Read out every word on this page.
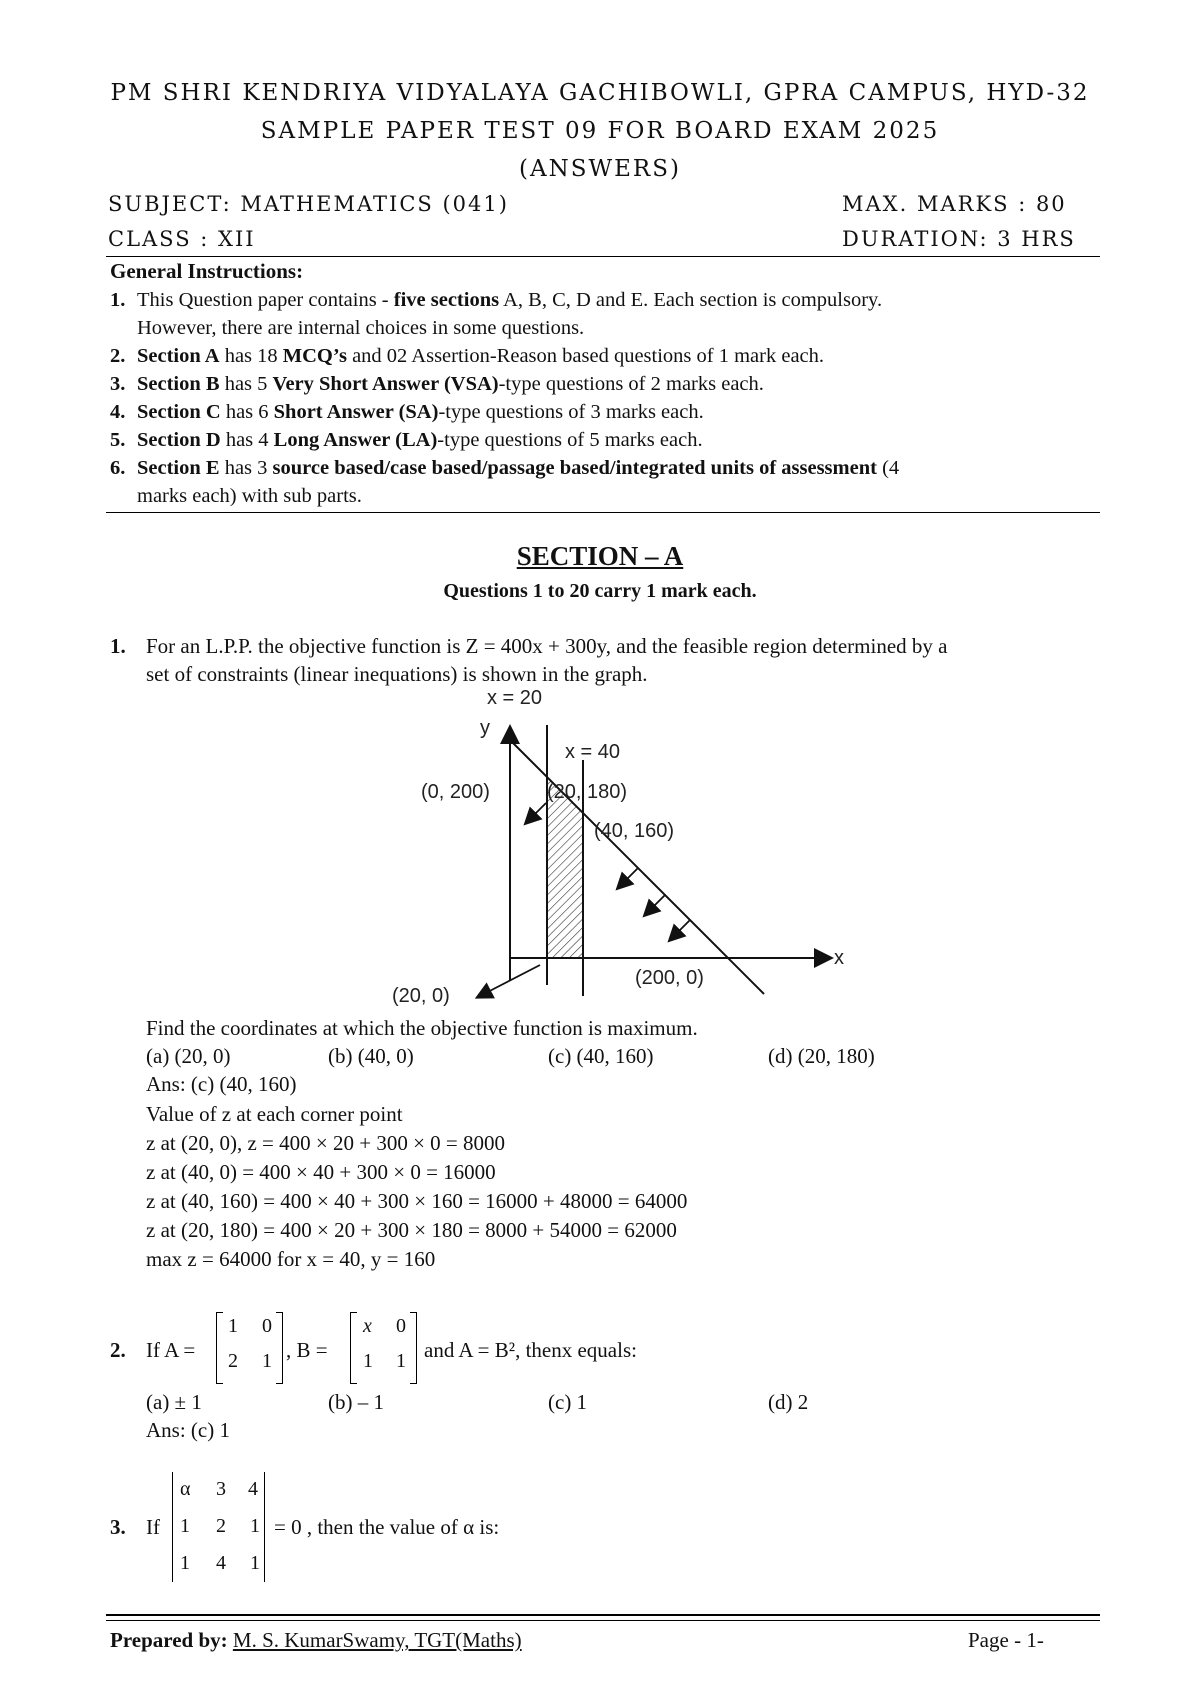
PM SHRI KENDRIYA VIDYALAYA GACHIBOWLI, GPRA CAMPUS, HYD-32
SAMPLE PAPER TEST 09 FOR BOARD EXAM 2025
(ANSWERS)
SUBJECT: MATHEMATICS (041)	MAX. MARKS : 80
CLASS : XII	DURATION: 3 HRS
General Instructions:
1. This Question paper contains - five sections A, B, C, D and E. Each section is compulsory.
However, there are internal choices in some questions.
2. Section A has 18 MCQ’s and 02 Assertion-Reason based questions of 1 mark each.
3. Section B has 5 Very Short Answer (VSA)-type questions of 2 marks each.
4. Section C has 6 Short Answer (SA)-type questions of 3 marks each.
5. Section D has 4 Long Answer (LA)-type questions of 5 marks each.
6. Section E has 3 source based/case based/passage based/integrated units of assessment (4
marks each) with sub parts.
SECTION – A
Questions 1 to 20 carry 1 mark each.
1. For an L.P.P. the objective function is Z = 400x + 300y, and the feasible region determined by a
set of constraints (linear inequations) is shown in the graph.
x = 20
y
x = 40
(0, 200)	(20, 180)
(40, 160)
x
(200, 0)
(20, 0)
Find the coordinates at which the objective function is maximum.
(a) (20, 0)	(b) (40, 0)	(c) (40, 160)	(d) (20, 180)
Ans: (c) (40, 160)
Value of z at each corner point
z at (20, 0), z = 400 × 20 + 300 × 0 = 8000
z at (40, 0) = 400 × 40 + 300 × 0 = 16000
z at (40, 160) = 400 × 40 + 300 × 160 = 16000 + 48000 = 64000
z at (20, 180) = 400 × 20 + 300 × 180 = 8000 + 54000 = 62000
max z = 64000 for x = 40, y = 160
2. If A =
1 0
2 1 , B =
x 0
1 1 and A = B², thenx equals:
(a) ± 1	(b) – 1	(c) 1	(d) 2
Ans: (c) 1
3. If
α 3 4
1 2 1
1 4 1
= 0 , then the value of α is:
Prepared by: M. S. KumarSwamy, TGT(Maths)	Page - 1-
